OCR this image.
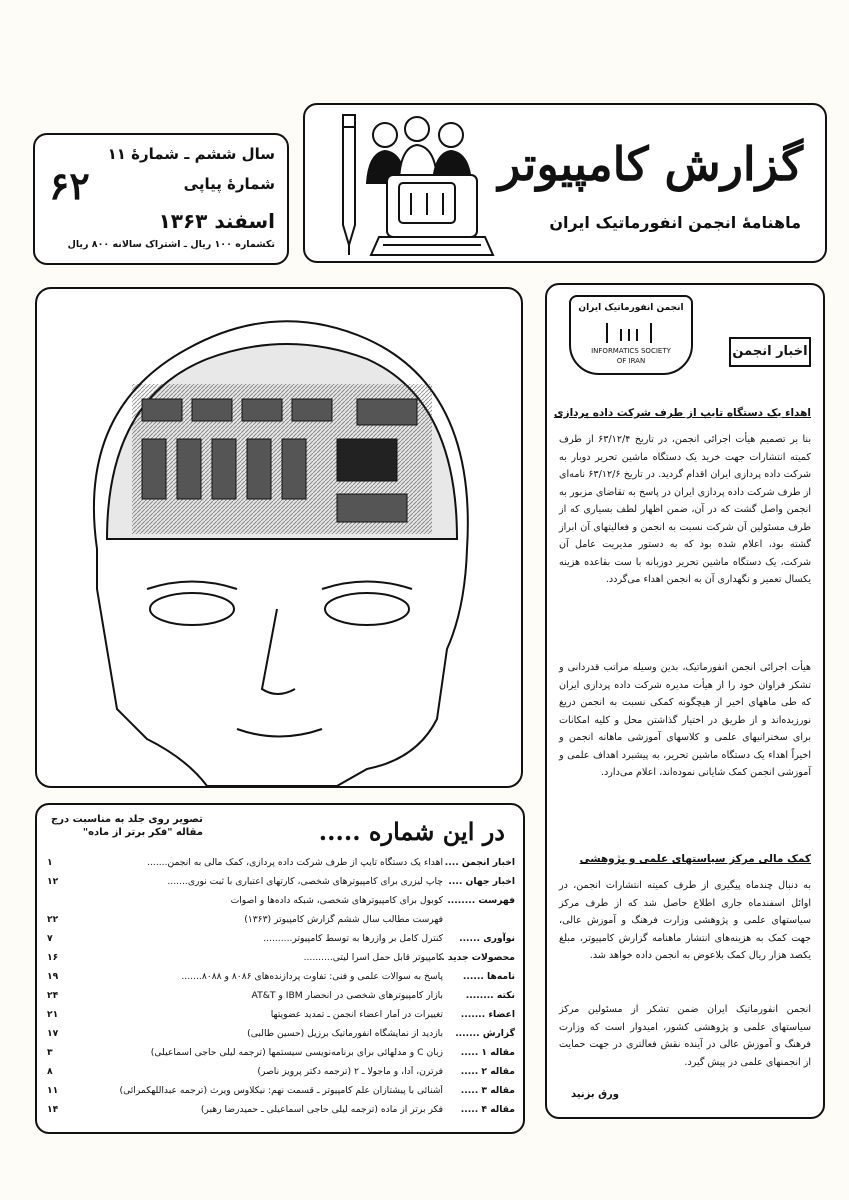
سال ششم ـ شمارهٔ ۱۱
شمارهٔ پیاپی
۶۲
اسفند ۱۳۶۳
تکشماره ۱۰۰ ریال ـ اشتراک سالانه ۸۰۰ ریال
گزارش کامپیوتر
ماهنامهٔ انجمن انفورماتیک ایران
انجمن انفورماتیک ایران
INFORMATICS SOCIETY
OF IRAN
اخبار انجمن
اهداء یک دستگاه تایپ از طرف شرکت داده پردازی
بنا بر تصمیم هیأت اجرائی انجمن، در تاریخ ۶۳/۱۲/۴ از طرف کمیته انتشارات جهت خرید یک دستگاه ماشین تحریر دوبار به شرکت داده پردازی ایران اقدام گردید. در تاریخ ۶۳/۱۲/۶ نامه‌ای از طرف شرکت داده پردازی ایران در پاسخ به تقاضای مزبور به انجمن واصل گشت که در آن، ضمن اظهار لطف بسیاری که از طرف مسئولین آن شرکت نسبت به انجمن و فعالیتهای آن ابراز گشته بود، اعلام شده بود که به دستور مدیریت عامل آن شرکت، یک دستگاه ماشین تحریر دوزبانه با ست بقاعده هزینه یکسال تعمیر و نگهداری آن به انجمن اهداء می‌گردد.
هیأت اجرائی انجمن انفورماتیک، بدین وسیله مراتب قدردانی و تشکر فراوان خود را از هیأت مدیره شرکت داده پردازی ایران که طی ماههای اخیر از هیچگونه کمکی نسبت به انجمن دریغ نورزیده‌اند و از طریق در اختیار گذاشتن محل و کلیه امکانات برای سخنرانیهای علمی و کلاسهای آموزشی ماهانه انجمن و اخیراً اهداء یک دستگاه ماشین تحریر، به پیشبرد اهداف علمی و آموزشی انجمن کمک شایانی نموده‌اند، اعلام می‌دارد.
کمک مالی مرکز سیاستهای علمی و پژوهشی
به دنبال چندماه پیگیری از طرف کمیته انتشارات انجمن، در اوائل اسفندماه جاری اطلاع حاصل شد که از طرف مرکز سیاستهای علمی و پژوهشی وزارت فرهنگ و آموزش عالی، جهت کمک به هزینه‌های انتشار ماهنامه گزارش کامپیوتر، مبلغ یکصد هزار ریال کمک بلاعوض به انجمن داده خواهد شد.
انجمن انفورماتیک ایران ضمن تشکر از مسئولین مرکز سیاستهای علمی و پژوهشی کشور، امیدوار است که وزارت فرهنگ و آموزش عالی در آینده نقش فعالتری در جهت حمایت از انجمنهای علمی در پیش گیرد.
ورق بزنید
تصویر روی جلد به مناسبت درج
مقاله "فکر برتر از ماده"	در این شماره .....
اخبار انجمن ....
اهداء یک دستگاه تایپ از طرف شرکت داده پردازی، کمک مالی به انجمن.......
۱
اخبار جهان ....
چاپ لیزری برای کامپیوترهای شخصی، کارتهای اعتباری با ثبت نوری.......
۱۲
فهرست ........
کوبول برای کامپیوترهای شخصی، شبکه داده‌ها و اصوات
فهرست مطالب سال ششم گزارش کامپیوتر (۱۳۶۳)
۲۲
نوآوری ......
کنترل کامل بر وازرها به توسط کامپیوتر..........
۷
محصولات جدید ..
کامپیوتر قابل حمل اسرا لیتی..........
۱۶
نامه‌ها ......
پاسخ به سوالات علمی و فنی: تفاوت پردازنده‌های ۸۰۸۶ و ۸۰۸۸.......
۱۹
نکته ........
بازار کامپیوترهای شخصی در انحصار IBM و AT&T
۲۴
اعضاء .......
تغییرات در آمار اعضاء انجمن ـ تمدید عضویتها
۲۱
گزارش .......
بازدید از نمایشگاه انفورماتیک برزیل (حسین طالبی)
۱۷
مقاله ۱ .....
زبان C و مدلهائی برای برنامه‌نویسی سیستمها (ترجمه لیلی حاجی اسماعیلی)
۳
مقاله ۲ .....
فرترن، آدا، و ماجولا ـ ۲ (ترجمه دکتر پرویز ناصر)
۸
مقاله ۳ .....
آشنائی با پیشتازان علم کامپیوتر ـ قسمت نهم: نیکلاوس ویرث (ترجمه عبداللهکمرائی)
۱۱
مقاله ۴ .....
فکر برتر از ماده (ترجمه لیلی حاجی اسماعیلی ـ حمیدرضا رهبر)
۱۴
